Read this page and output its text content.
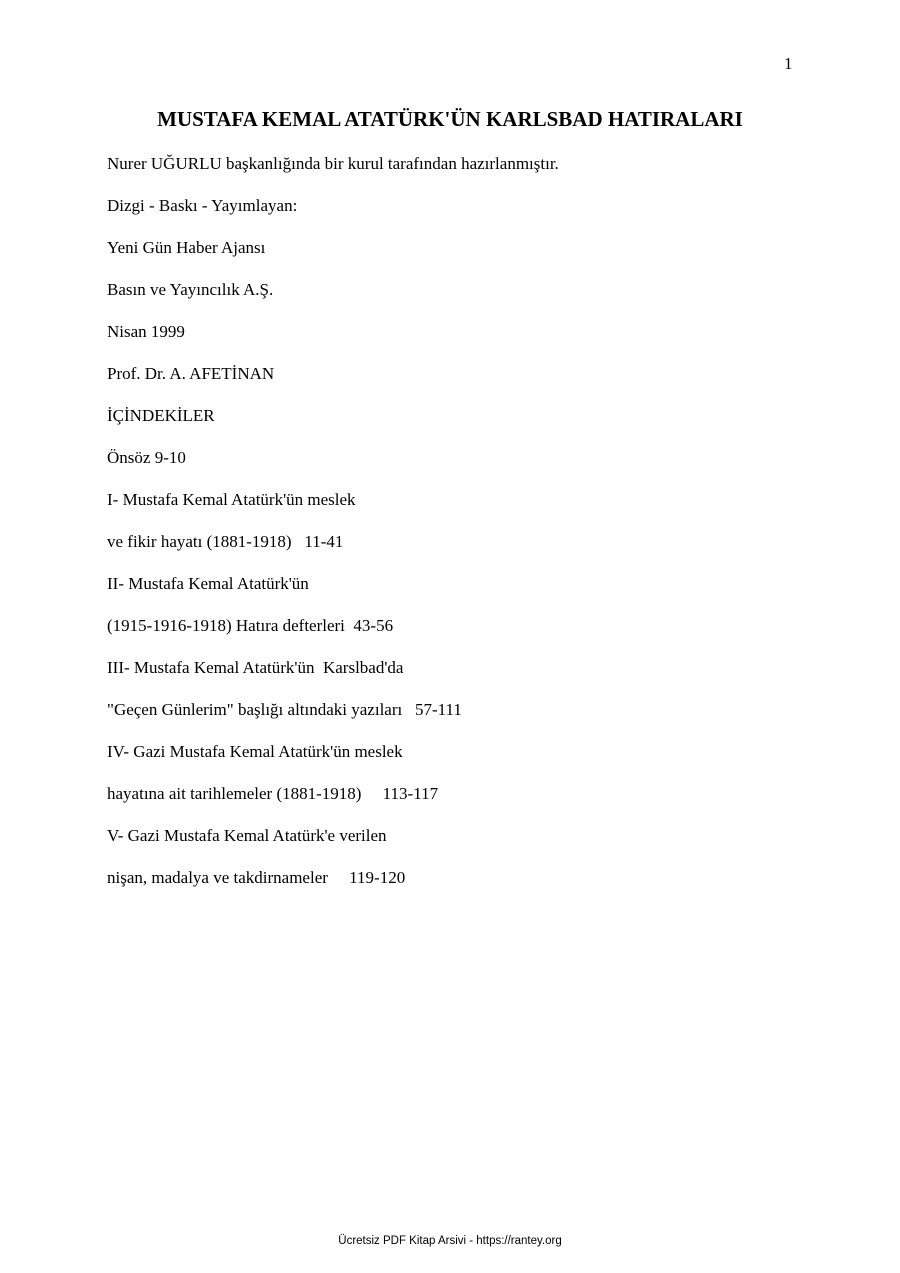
1
MUSTAFA KEMAL ATATÜRK'ÜN KARLSBAD HATIRALARI
Nurer UĞURLU başkanlığında bir kurul tarafından hazırlanmıştır.
Dizgi - Baskı - Yayımlayan:
Yeni Gün Haber Ajansı
Basın ve Yayıncılık A.Ş.
Nisan 1999
Prof. Dr. A. AFETİNAN
İÇİNDEKİLER
Önsöz 9-10
I- Mustafa Kemal Atatürk'ün meslek
ve fikir hayatı (1881-1918)   11-41
II- Mustafa Kemal Atatürk'ün
(1915-1916-1918) Hatıra defterleri  43-56
III- Mustafa Kemal Atatürk'ün  Karslbad'da
"Geçen Günlerim" başlığı altındaki yazıları   57-111
IV- Gazi Mustafa Kemal Atatürk'ün meslek
hayatına ait tarihlemeler (1881-1918)     113-117
V- Gazi Mustafa Kemal Atatürk'e verilen
nişan, madalya ve takdirnameler     119-120
Ücretsiz PDF Kitap Arsivi - https://rantey.org
